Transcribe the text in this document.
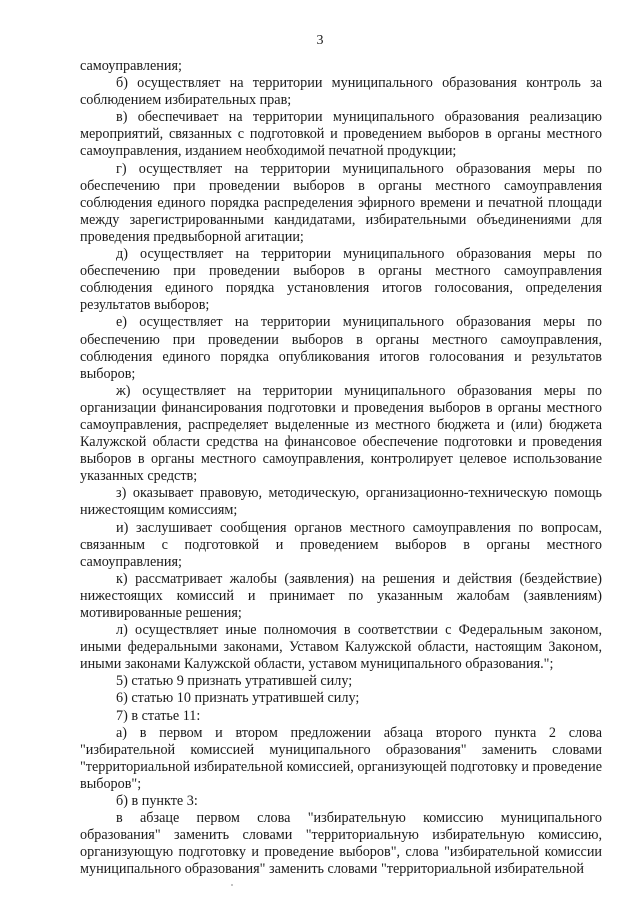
3

самоуправления;

б) осуществляет на территории муниципального образования контроль за соблюдением избирательных прав;

в) обеспечивает на территории муниципального образования реализацию мероприятий, связанных с подготовкой и проведением выборов в органы местного самоуправления, изданием необходимой печатной продукции;

г) осуществляет на территории муниципального образования меры по обеспечению при проведении выборов в органы местного самоуправления соблюдения единого порядка распределения эфирного времени и печатной площади между зарегистрированными кандидатами, избирательными объединениями для проведения предвыборной агитации;

д) осуществляет на территории муниципального образования меры по обеспечению при проведении выборов в органы местного самоуправления соблюдения единого порядка установления итогов голосования, определения результатов выборов;

е) осуществляет на территории муниципального образования меры по обеспечению при проведении выборов в органы местного самоуправления, соблюдения единого порядка опубликования итогов голосования и результатов выборов;

ж) осуществляет на территории муниципального образования меры по организации финансирования подготовки и проведения выборов в органы местного самоуправления, распределяет выделенные из местного бюджета и (или) бюджета Калужской области средства на финансовое обеспечение подготовки и проведения выборов в органы местного самоуправления, контролирует целевое использование указанных средств;

з) оказывает правовую, методическую, организационно-техническую помощь нижестоящим комиссиям;

и) заслушивает сообщения органов местного самоуправления по вопросам, связанным с подготовкой и проведением выборов в органы местного самоуправления;

к) рассматривает жалобы (заявления) на решения и действия (бездействие) нижестоящих комиссий и принимает по указанным жалобам (заявлениям) мотивированные решения;

л) осуществляет иные полномочия в соответствии с Федеральным законом, иными федеральными законами, Уставом Калужской области, настоящим Законом, иными законами Калужской области, уставом муниципального образования.";

5) статью 9 признать утратившей силу;

6) статью 10 признать утратившей силу;

7) в статье 11:

а) в первом и втором предложении абзаца второго пункта 2 слова "избирательной комиссией муниципального образования" заменить словами "территориальной избирательной комиссией, организующей подготовку и проведение выборов";

б) в пункте 3:

в абзаце первом слова "избирательную комиссию муниципального образования" заменить словами "территориальную избирательную комиссию, организующую подготовку и проведение выборов", слова "избирательной комиссии муниципального образования" заменить словами "территориальной избирательной
